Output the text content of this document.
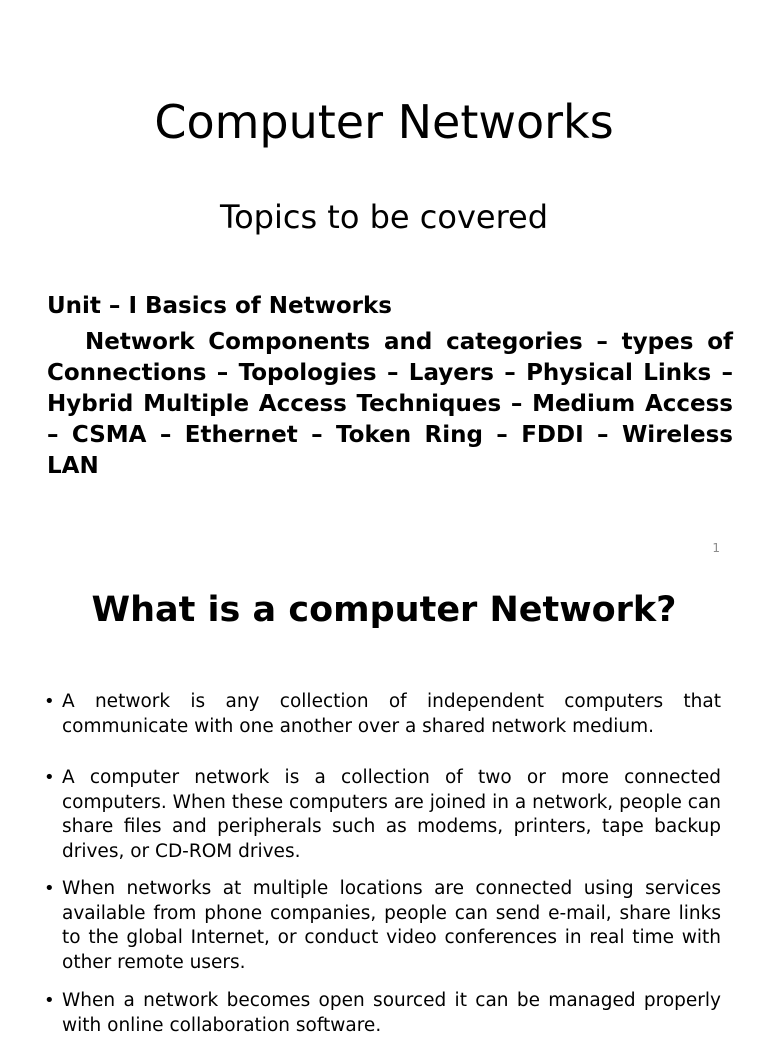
Computer Networks
Topics to be covered
Unit – I Basics of Networks

Network Components and categories – types of Connections – Topologies – Layers – Physical Links – Hybrid Multiple Access Techniques – Medium Access – CSMA – Ethernet – Token Ring – FDDI – Wireless LAN

1
What is a computer Network?
• A network is any collection of independent computers that communicate with one another over a shared network medium.
• A computer network is a collection of two or more connected computers. When these computers are joined in a network, people can share files and peripherals such as modems, printers, tape backup drives, or CD-ROM drives.
• When networks at multiple locations are connected using services available from phone companies, people can send e-mail, share links to the global Internet, or conduct video conferences in real time with other remote users.
• When a network becomes open sourced it can be managed properly with online collaboration software.
